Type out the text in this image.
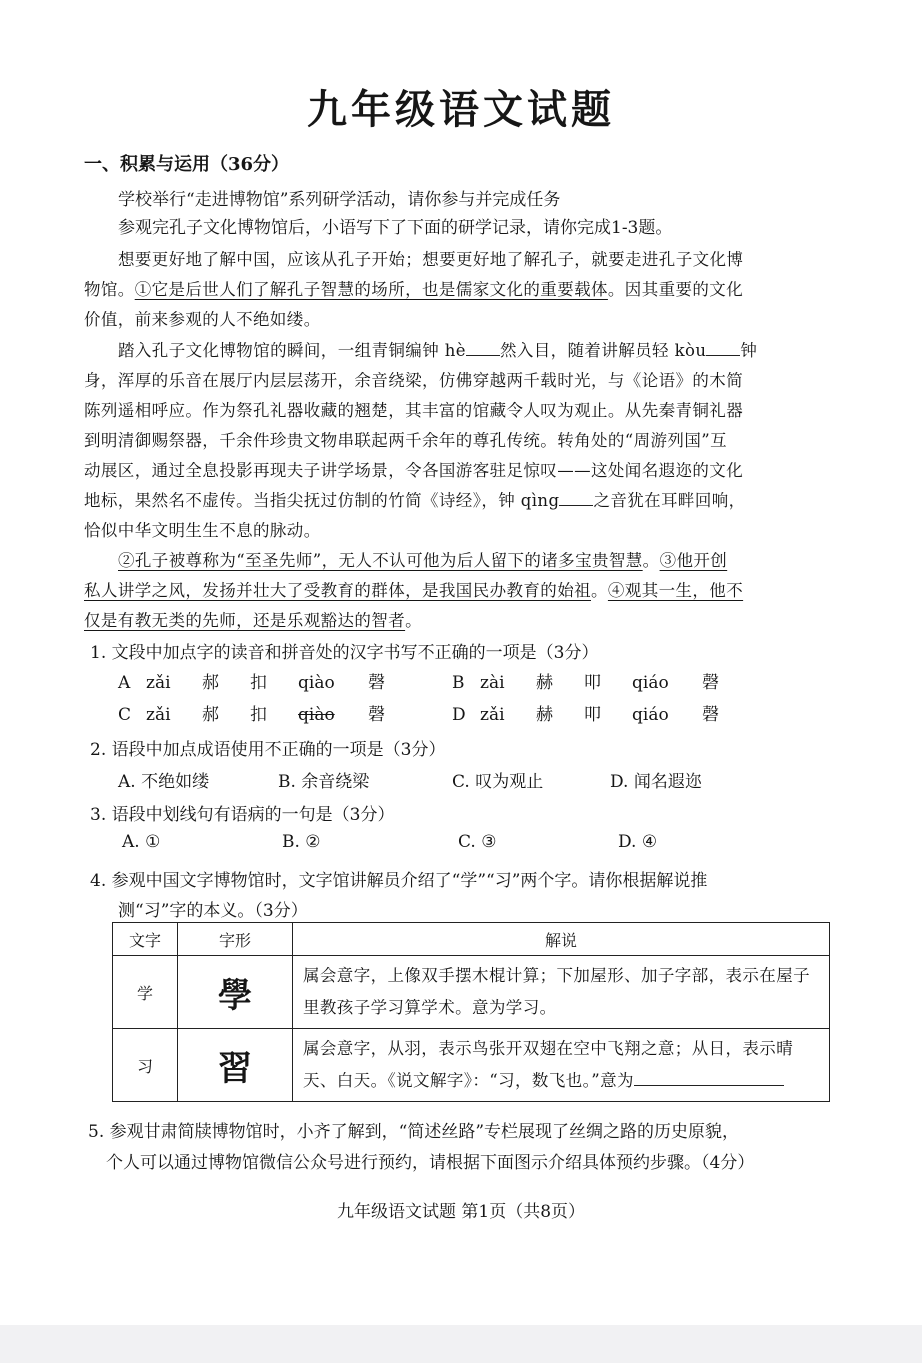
九年级语文试题
一、积累与运用（36分）
学校举行“走进博物馆”系列研学活动，请你参与并完成任务
参观完孔子文化博物馆后，小语写下了下面的研学记录，请你完成1-3题。
想要更好地了解中国，应该从孔子开始；想要更好地了解孔子，就要走进孔子文化博
物馆。①它是后世人们了解孔子智慧的场所，也是儒家文化的重要载体。因其重要的文化
价值，前来参观的人不绝如缕。
踏入孔子文化博物馆的瞬间，一组青铜编钟 hè 然入目，随着讲解员轻 kòu 钟
身，浑厚的乐音在展厅内层层荡开，余音绕梁，仿佛穿越两千载时光，与《论语》的木简
陈列遥相呼应。作为祭孔礼器收藏的翘楚，其丰富的馆藏令人叹为观止。从先秦青铜礼器
到明清御赐祭器，千余件珍贵文物串联起两千余年的尊孔传统。转角处的“周游列国”互
动展区，通过全息投影再现夫子讲学场景，令各国游客驻足惊叹——这处闻名遐迩的文化
地标，果然名不虚传。当指尖抚过仿制的竹简《诗经》，钟 qìng 之音犹在耳畔回响，
恰似中华文明生生不息的脉动。
②孔子被尊称为“至圣先师”，无人不认可他为后人留下的诸多宝贵智慧。③他开创
私人讲学之风，发扬并壮大了受教育的群体，是我国民办教育的始祖。④观其一生，他不
仅是有教无类的先师，还是乐观豁达的智者。
1. 文段中加点字的读音和拼音处的汉字书写不正确的一项是（3分）
A zǎi 郝 扣 qiào 磬	B zài 赫 叩 qiáo 磬
C zǎi 郝 扣 qiào 磬	D zǎi 赫 叩 qiáo 磬
2. 语段中加点成语使用不正确的一项是（3分）
A. 不绝如缕	B. 余音绕梁	C. 叹为观止	D. 闻名遐迩
3. 语段中划线句有语病的一句是（3分）
A. ①	B. ②	C. ③	D. ④
4. 参观中国文字博物馆时，文字馆讲解员介绍了“学”“习”两个字。请你根据解说推
测“习”字的本义。（3分）
文字	字形	解说
学	學	属会意字，上像双手摆木棍计算；下加屋形、加子字部，表示在屋子里教孩子学习算学术。意为学习。
习	習	属会意字，从羽，表示鸟张开双翅在空中飞翔之意；从日，表示晴天、白天。《说文解字》：“习，数飞也。”意为
5. 参观甘肃简牍博物馆时，小齐了解到，“简述丝路”专栏展现了丝绸之路的历史原貌，
个人可以通过博物馆微信公众号进行预约，请根据下面图示介绍具体预约步骤。（4分）
九年级语文试题 第1页（共8页）
